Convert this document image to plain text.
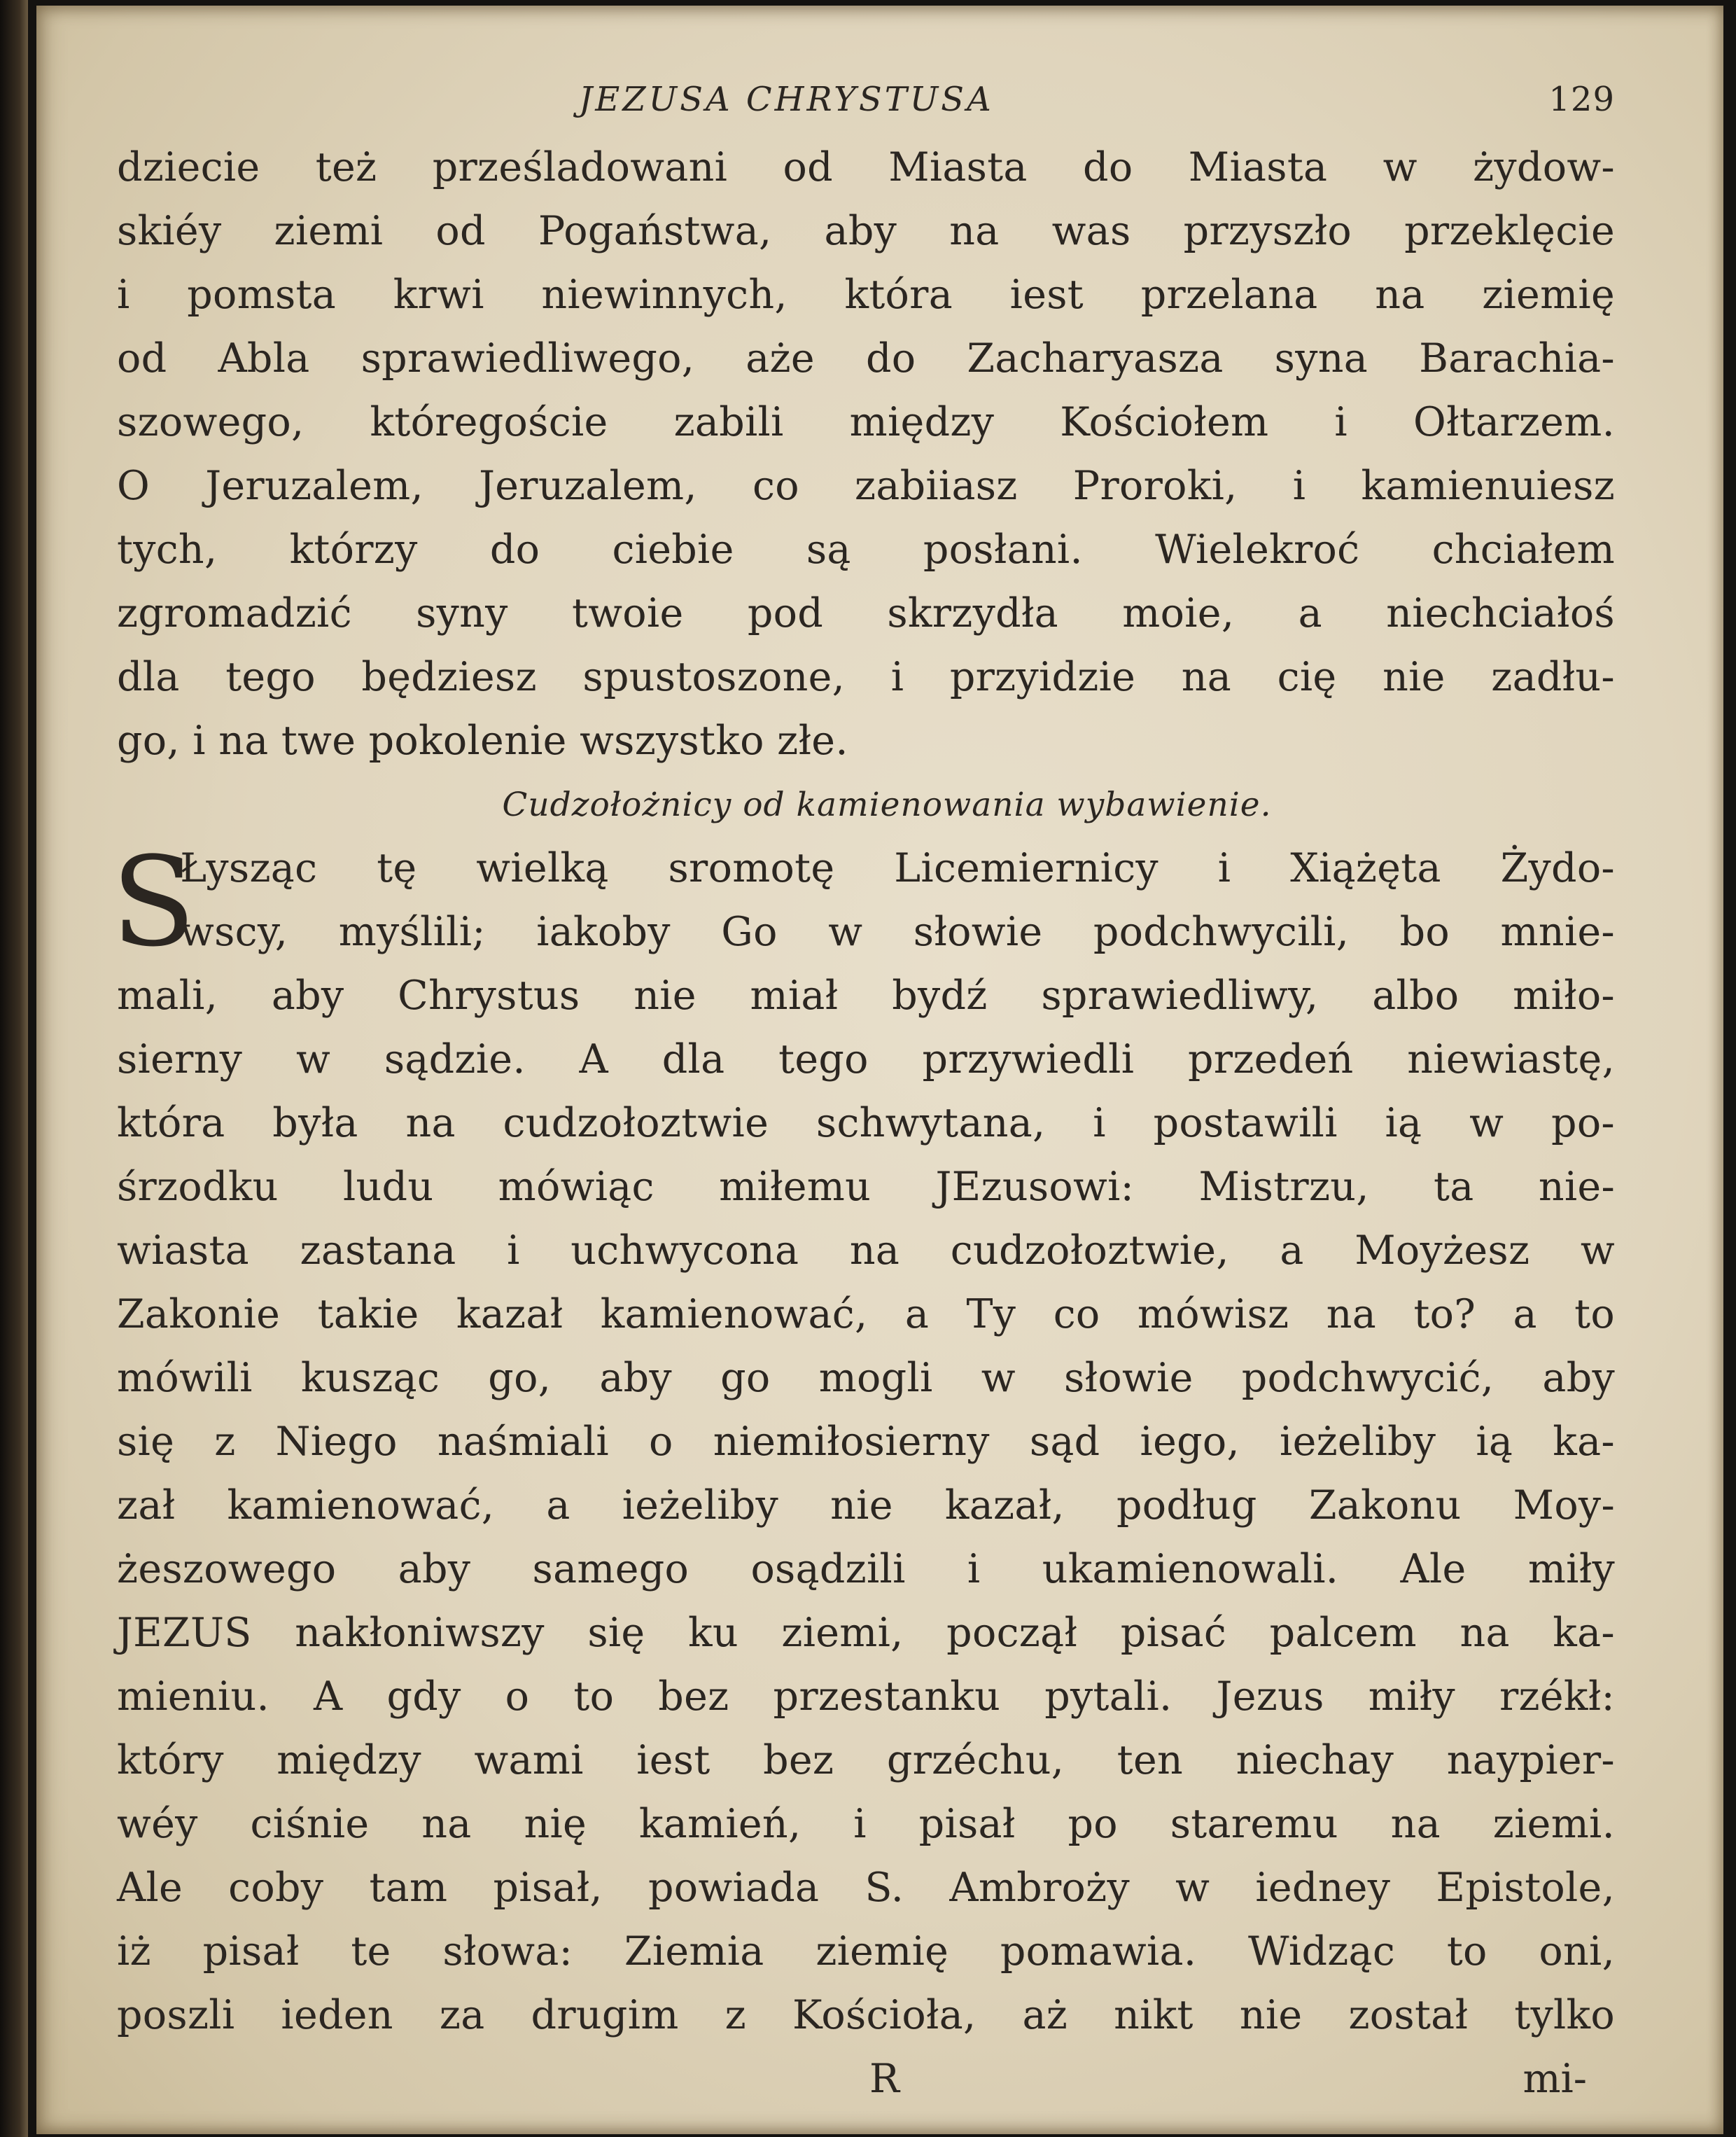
JEZUSA CHRYSTUSA	129
dziecie też prześladowani od Miasta do Miasta w żydow-
skiéy ziemi od Pogaństwa, aby na was przyszło przeklęcie
i pomsta krwi niewinnych, która iest przelana na ziemię
od Abla sprawiedliwego, aże do Zacharyasza syna Barachia-
szowego, któregoście zabili między Kościołem i Ołtarzem.
O Jeruzalem, Jeruzalem, co zabiiasz Proroki, i kamienuiesz
tych, którzy do ciebie są posłani. Wielekroć chciałem
zgromadzić syny twoie pod skrzydła moie, a niechciałoś
dla tego będziesz spustoszone, i przyidzie na cię nie zadłu-
go, i na twe pokolenie wszystko złe.
Cudzołożnicy od kamienowania wybawienie.
S
Łysząc tę wielką sromotę Licemiernicy i Xiążęta Żydo-
wscy, myślili; iakoby Go w słowie podchwycili, bo mnie-
mali, aby Chrystus nie miał bydź sprawiedliwy, albo miło-
sierny w sądzie. A dla tego przywiedli przedeń niewiastę,
która była na cudzołoztwie schwytana, i postawili ią w po-
śrzodku ludu mówiąc miłemu JEzusowi: Mistrzu, ta nie-
wiasta zastana i uchwycona na cudzołoztwie, a Moyżesz w
Zakonie takie kazał kamienować, a Ty co mówisz na to? a to
mówili kusząc go, aby go mogli w słowie podchwycić, aby
się z Niego naśmiali o niemiłosierny sąd iego, ieżeliby ią ka-
zał kamienować, a ieżeliby nie kazał, podług Zakonu Moy-
żeszowego aby samego osądzili i ukamienowali. Ale miły
JEZUS nakłoniwszy się ku ziemi, począł pisać palcem na ka-
mieniu. A gdy o to bez przestanku pytali. Jezus miły rzékł:
który między wami iest bez grzéchu, ten niechay naypier-
wéy ciśnie na nię kamień, i pisał po staremu na ziemi.
Ale coby tam pisał, powiada S. Ambroży w iedney Epistole,
iż pisał te słowa: Ziemia ziemię pomawia. Widząc to oni,
poszli ieden za drugim z Kościoła, aż nikt nie został tylko
R	mi-
